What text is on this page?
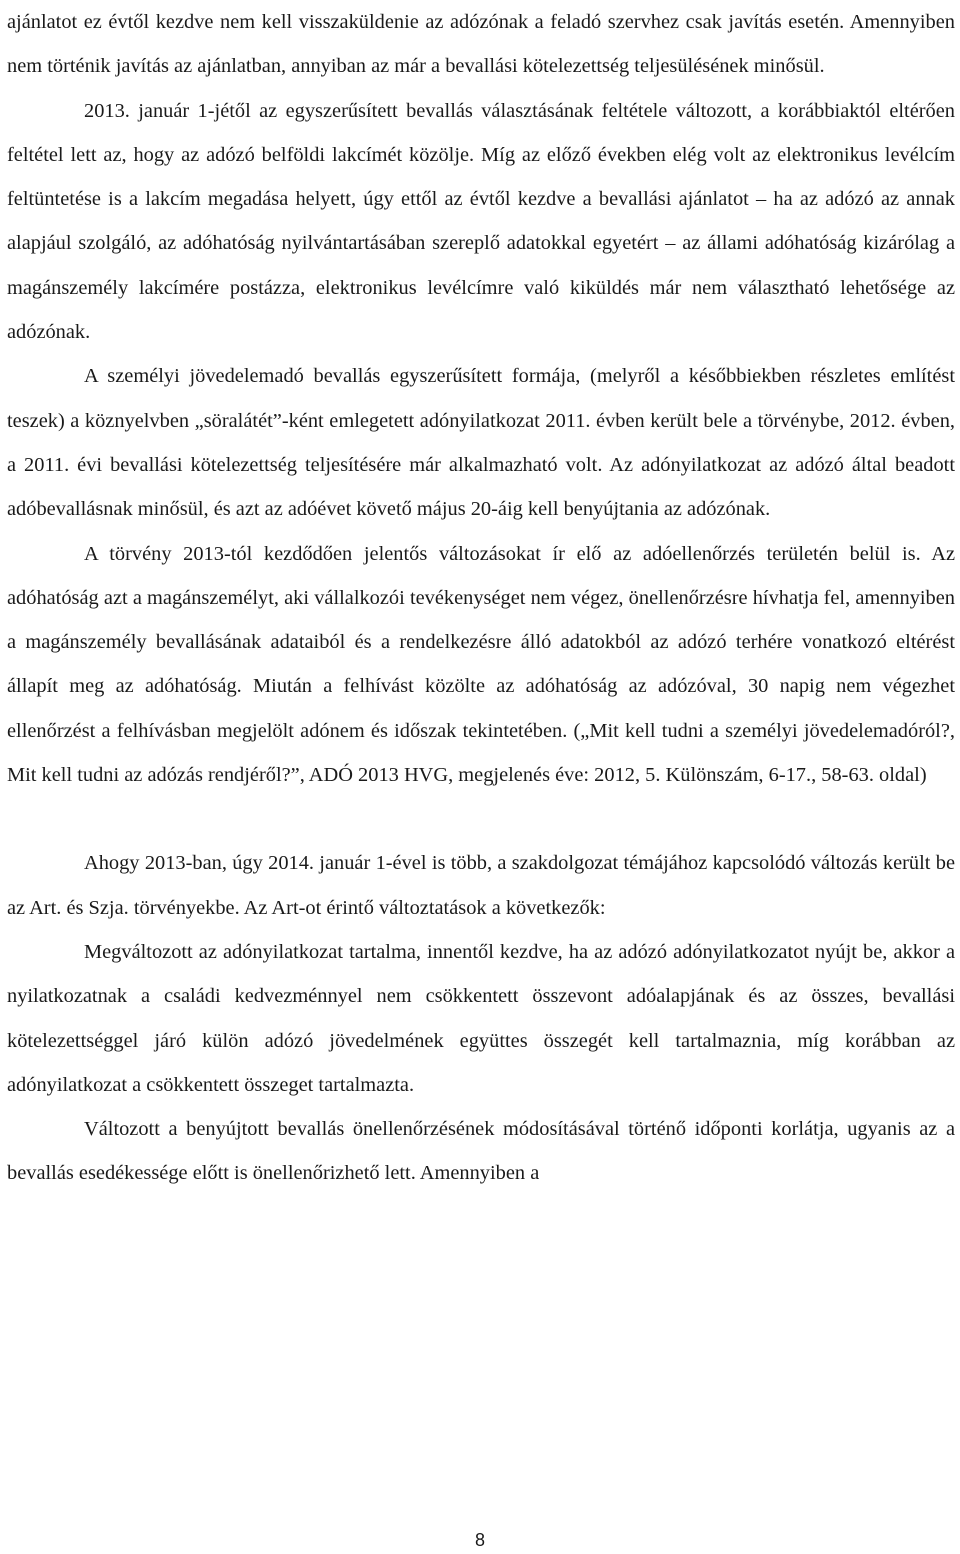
ajánlatot ez évtől kezdve nem kell visszaküldenie az adózónak a feladó szervhez csak javítás esetén. Amennyiben nem történik javítás az ajánlatban, annyiban az már a bevallási kötelezettség teljesülésének minősül.

2013. január 1-jétől az egyszerűsített bevallás választásának feltétele változott, a korábbiaktól eltérően feltétel lett az, hogy az adózó belföldi lakcímét közölje. Míg az előző években elég volt az elektronikus levélcím feltüntetése is a lakcím megadása helyett, úgy ettől az évtől kezdve a bevallási ajánlatot – ha az adózó az annak alapjául szolgáló, az adóhatóság nyilvántartásában szereplő adatokkal egyetért – az állami adóhatóság kizárólag a magánszemély lakcímére postázza, elektronikus levélcímre való kiküldés már nem választható lehetősége az adózónak.

A személyi jövedelemadó bevallás egyszerűsített formája, (melyről a későbbiekben részletes említést teszek) a köznyelvben „söralátét”-ként emlegetett adónyilatkozat 2011. évben került bele a törvénybe, 2012. évben, a 2011. évi bevallási kötelezettség teljesítésére már alkalmazható volt. Az adónyilatkozat az adózó által beadott adóbevallásnak minősül, és azt az adóévet követő május 20-áig kell benyújtania az adózónak.

A törvény 2013-tól kezdődően jelentős változásokat ír elő az adóellenőrzés területén belül is. Az adóhatóság azt a magánszemélyt, aki vállalkozói tevékenységet nem végez, önellenőrzésre hívhatja fel, amennyiben a magánszemély bevallásának adataiból és a rendelkezésre álló adatokból az adózó terhére vonatkozó eltérést állapít meg az adóhatóság. Miután a felhívást közölte az adóhatóság az adózóval, 30 napig nem végezhet ellenőrzést a felhívásban megjelölt adónem és időszak tekintetében. („Mit kell tudni a személyi jövedelemadóról?, Mit kell tudni az adózás rendjéről?”, ADÓ 2013 HVG, megjelenés éve: 2012, 5. Különszám, 6-17., 58-63. oldal)

Ahogy 2013-ban, úgy 2014. január 1-ével is több, a szakdolgozat témájához kapcsolódó változás került be az Art. és Szja. törvényekbe. Az Art-ot érintő változtatások a következők:

Megváltozott az adónyilatkozat tartalma, innentől kezdve, ha az adózó adónyilatkozatot nyújt be, akkor a nyilatkozatnak a családi kedvezménnyel nem csökkentett összevont adóalapjának és az összes, bevallási kötelezettséggel járó külön adózó jövedelmének együttes összegét kell tartalmaznia, míg korábban az adónyilatkozat a csökkentett összeget tartalmazta.

Változott a benyújtott bevallás önellenőrzésének módosításával történő időponti korlátja, ugyanis az a bevallás esedékessége előtt is önellenőrizhető lett. Amennyiben a

8
